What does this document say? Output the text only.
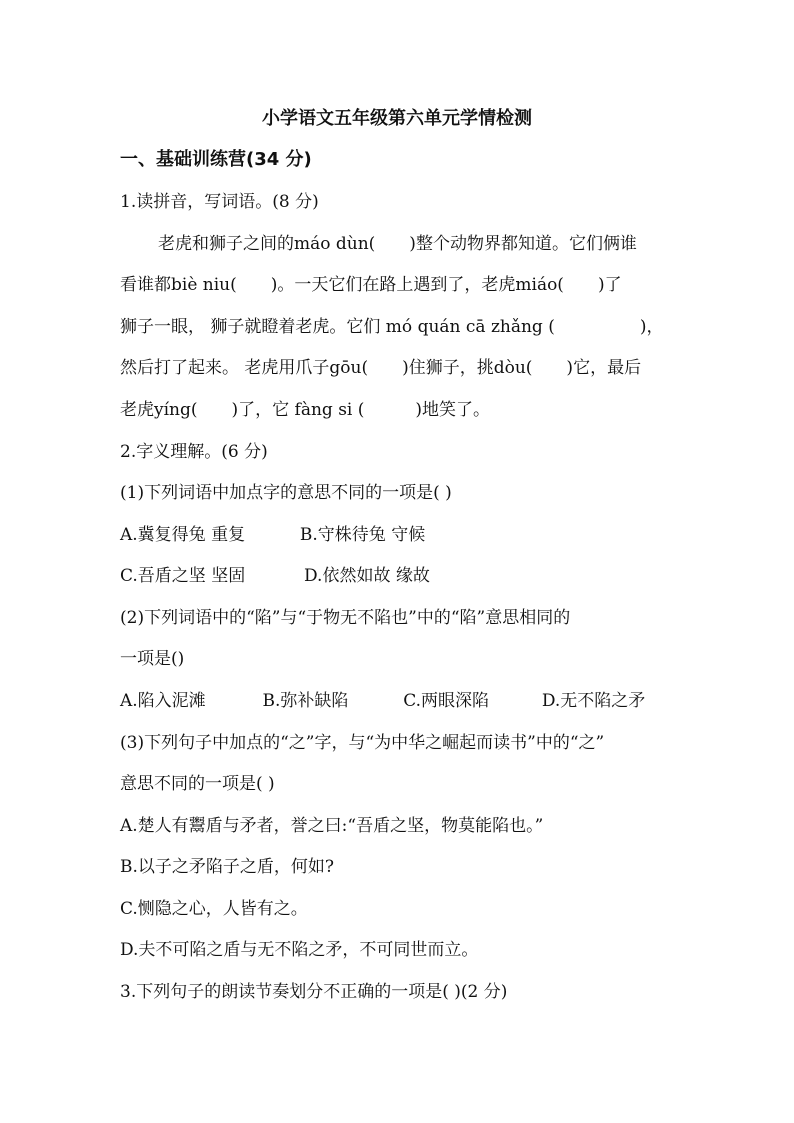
小学语文五年级第六单元学情检测
一、基础训练营(34 分)
1.读拼音，写词语。(8 分)
老虎和狮子之间的máo dùn(　　)整个动物界都知道。它们俩谁
看谁都biè niu(　　)。一天它们在路上遇到了，老虎miáo(　　)了
狮子一眼， 狮子就瞪着老虎。它们 mó quán cā zhǎng (　　　　　)，
然后打了起来。 老虎用爪子gōu(　　)住狮子，挑dòu(　　)它，最后
老虎yíng(　　)了，它 fàng si (　　　)地笑了。
2.字义理解。(6 分)
(1)下列词语中加点字的意思不同的一项是( )
A.冀复得兔 重复	B.守株待兔 守候
C.吾盾之坚 坚固	D.依然如故 缘故
(2)下列词语中的“陷”与“于物无不陷也”中的“陷”意思相同的
一项是()
A.陷入泥滩	B.弥补缺陷	C.两眼深陷	D.无不陷之矛
(3)下列句子中加点的“之”字，与“为中华之崛起而读书”中的“之”
意思不同的一项是( )
A.楚人有鬻盾与矛者，誉之曰:“吾盾之坚，物莫能陷也。”
B.以子之矛陷子之盾，何如?
C.恻隐之心，人皆有之。
D.夫不可陷之盾与无不陷之矛，不可同世而立。
3.下列句子的朗读节奏划分不正确的一项是( )(2 分)
